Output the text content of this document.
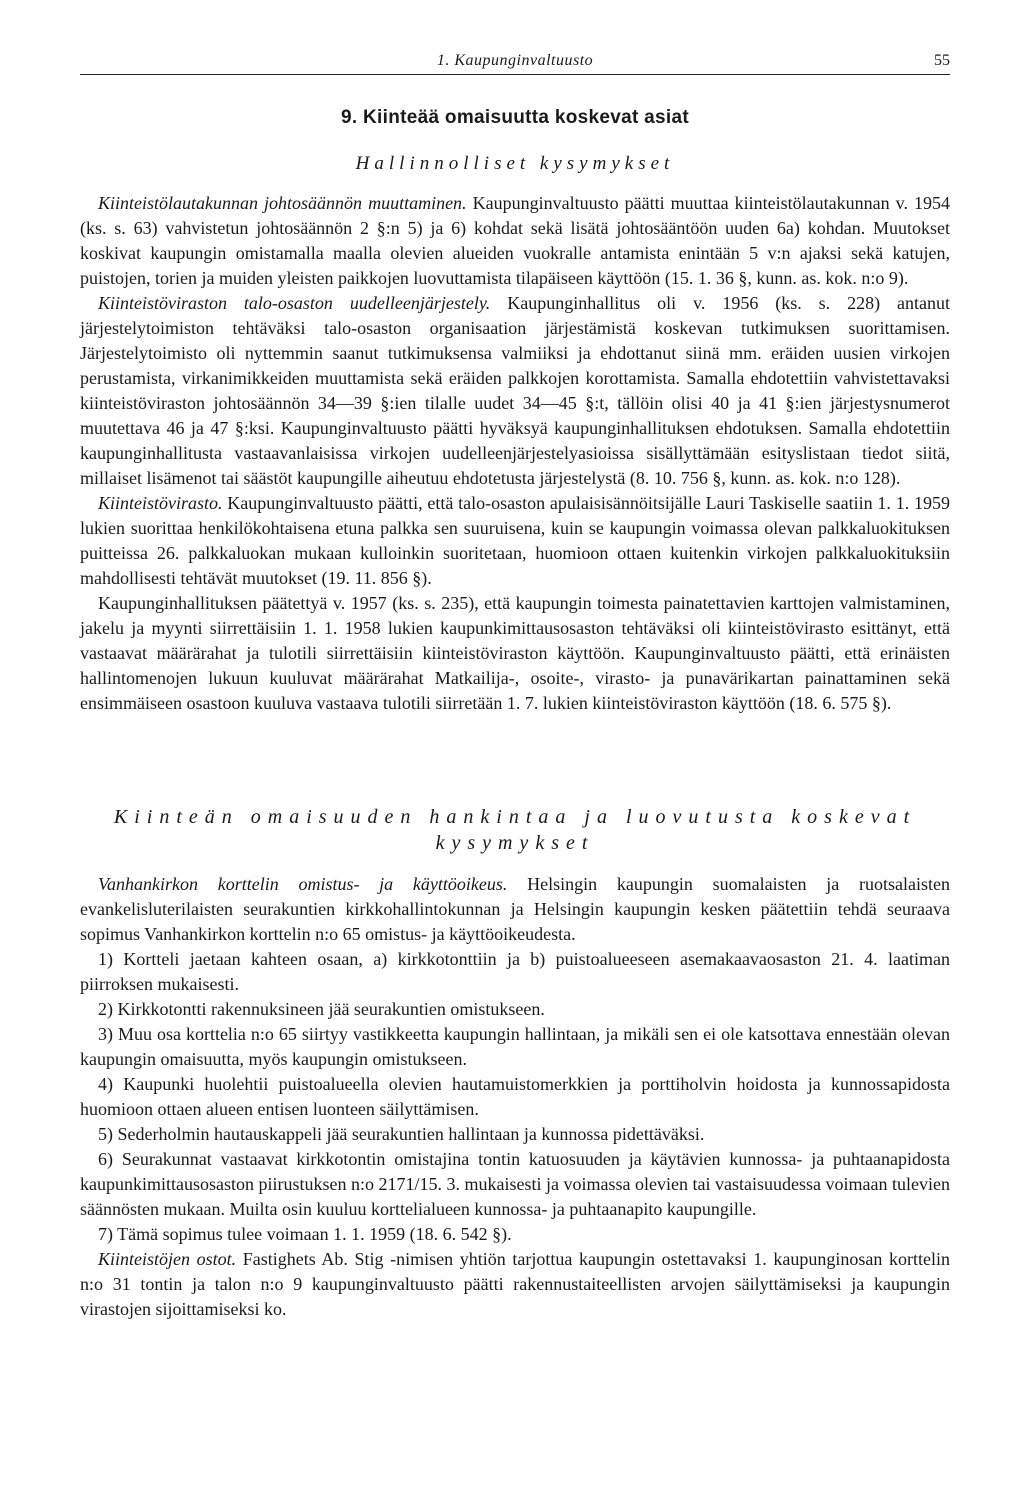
1. Kaupunginvaltuusto	55
9. Kiinteää omaisuutta koskevat asiat
Hallinnolliset kysymykset

Kiinteistölautakunnan johtosäännön muuttaminen. Kaupunginvaltuusto päätti muuttaa kiinteistölautakunnan v. 1954 (ks. s. 63) vahvistetun johtosäännön 2 §:n 5) ja 6) kohdat sekä lisätä johtosääntöön uuden 6a) kohdan. Muutokset koskivat kaupungin omistamalla maalla olevien alueiden vuokralle antamista enintään 5 v:n ajaksi sekä katujen, puistojen, torien ja muiden yleisten paikkojen luovuttamista tilapäiseen käyttöön (15. 1. 36 §, kunn. as. kok. n:o 9).

Kiinteistöviraston talo-osaston uudelleenjärjestely. Kaupunginhallitus oli v. 1956 (ks. s. 228) antanut järjestelytoimiston tehtäväksi talo-osaston organisaation järjestämistä koskevan tutkimuksen suorittamisen. Järjestelytoimisto oli nyttemmin saanut tutkimuksensa valmiiksi ja ehdottanut siinä mm. eräiden uusien virkojen perustamista, virkanimikkeiden muuttamista sekä eräiden palkkojen korottamista. Samalla ehdotettiin vahvistettavaksi kiinteistöviraston johtosäännön 34—39 §:ien tilalle uudet 34—45 §:t, tällöin olisi 40 ja 41 §:ien järjestysnumerot muutettava 46 ja 47 §:ksi. Kaupunginvaltuusto päätti hyväksyä kaupunginhallituksen ehdotuksen. Samalla ehdotettiin kaupunginhallitusta vastaavanlaisissa virkojen uudelleenjärjestelyasioissa sisällyttämään esityslistaan tiedot siitä, millaiset lisämenot tai säästöt kaupungille aiheutuu ehdotetusta järjestelystä (8. 10. 756 §, kunn. as. kok. n:o 128).

Kiinteistövirasto. Kaupunginvaltuusto päätti, että talo-osaston apulaisisännöitsijälle Lauri Taskiselle saatiin 1. 1. 1959 lukien suorittaa henkilökohtaisena etuna palkka sen suuruisena, kuin se kaupungin voimassa olevan palkkaluokituksen puitteissa 26. palkkaluokan mukaan kulloinkin suoritetaan, huomioon ottaen kuitenkin virkojen palkkaluokituksiin mahdollisesti tehtävät muutokset (19. 11. 856 §).

Kaupunginhallituksen päätettyä v. 1957 (ks. s. 235), että kaupungin toimesta painatettavien karttojen valmistaminen, jakelu ja myynti siirrettäisiin 1. 1. 1958 lukien kaupunkimittausosaston tehtäväksi oli kiinteistövirasto esittänyt, että vastaavat määrärahat ja tulotili siirrettäisiin kiinteistöviraston käyttöön. Kaupunginvaltuusto päätti, että erinäisten hallintomenojen lukuun kuuluvat määrärahat Matkailija-, osoite-, virasto- ja punavärikartan painattaminen sekä ensimmäiseen osastoon kuuluva vastaava tulotili siirretään 1. 7. lukien kiinteistöviraston käyttöön (18. 6. 575 §).

Kiinteän omaisuuden hankintaa ja luovutusta koskevat kysymykset

Vanhankirkon korttelin omistus- ja käyttöoikeus. Helsingin kaupungin suomalaisten ja ruotsalaisten evankelisluterilaisten seurakuntien kirkkohallintokunnan ja Helsingin kaupungin kesken päätettiin tehdä seuraava sopimus Vanhankirkon korttelin n:o 65 omistus- ja käyttöoikeudesta.

1) Kortteli jaetaan kahteen osaan, a) kirkkotonttiin ja b) puistoalueeseen asemakaavaosaston 21. 4. laatiman piirroksen mukaisesti.

2) Kirkkotontti rakennuksineen jää seurakuntien omistukseen.

3) Muu osa korttelia n:o 65 siirtyy vastikkeetta kaupungin hallintaan, ja mikäli sen ei ole katsottava ennestään olevan kaupungin omaisuutta, myös kaupungin omistukseen.

4) Kaupunki huolehtii puistoalueella olevien hautamuistomerkkien ja porttiholvin hoidosta ja kunnossapidosta huomioon ottaen alueen entisen luonteen säilyttämisen.

5) Sederholmin hautauskappeli jää seurakuntien hallintaan ja kunnossa pidettäväksi.

6) Seurakunnat vastaavat kirkkotontin omistajina tontin katuosuuden ja käytävien kunnossa- ja puhtaanapidosta kaupunkimittausosaston piirustuksen n:o 2171/15. 3. mukaisesti ja voimassa olevien tai vastaisuudessa voimaan tulevien säännösten mukaan. Muilta osin kuuluu korttelialueen kunnossa- ja puhtaanapito kaupungille.

7) Tämä sopimus tulee voimaan 1. 1. 1959 (18. 6. 542 §).

Kiinteistöjen ostot. Fastighets Ab. Stig -nimisen yhtiön tarjottua kaupungin ostettavaksi 1. kaupunginosan korttelin n:o 31 tontin ja talon n:o 9 kaupunginvaltuusto päätti rakennustaiteellisten arvojen säilyttämiseksi ja kaupungin virastojen sijoittamiseksi ko.
